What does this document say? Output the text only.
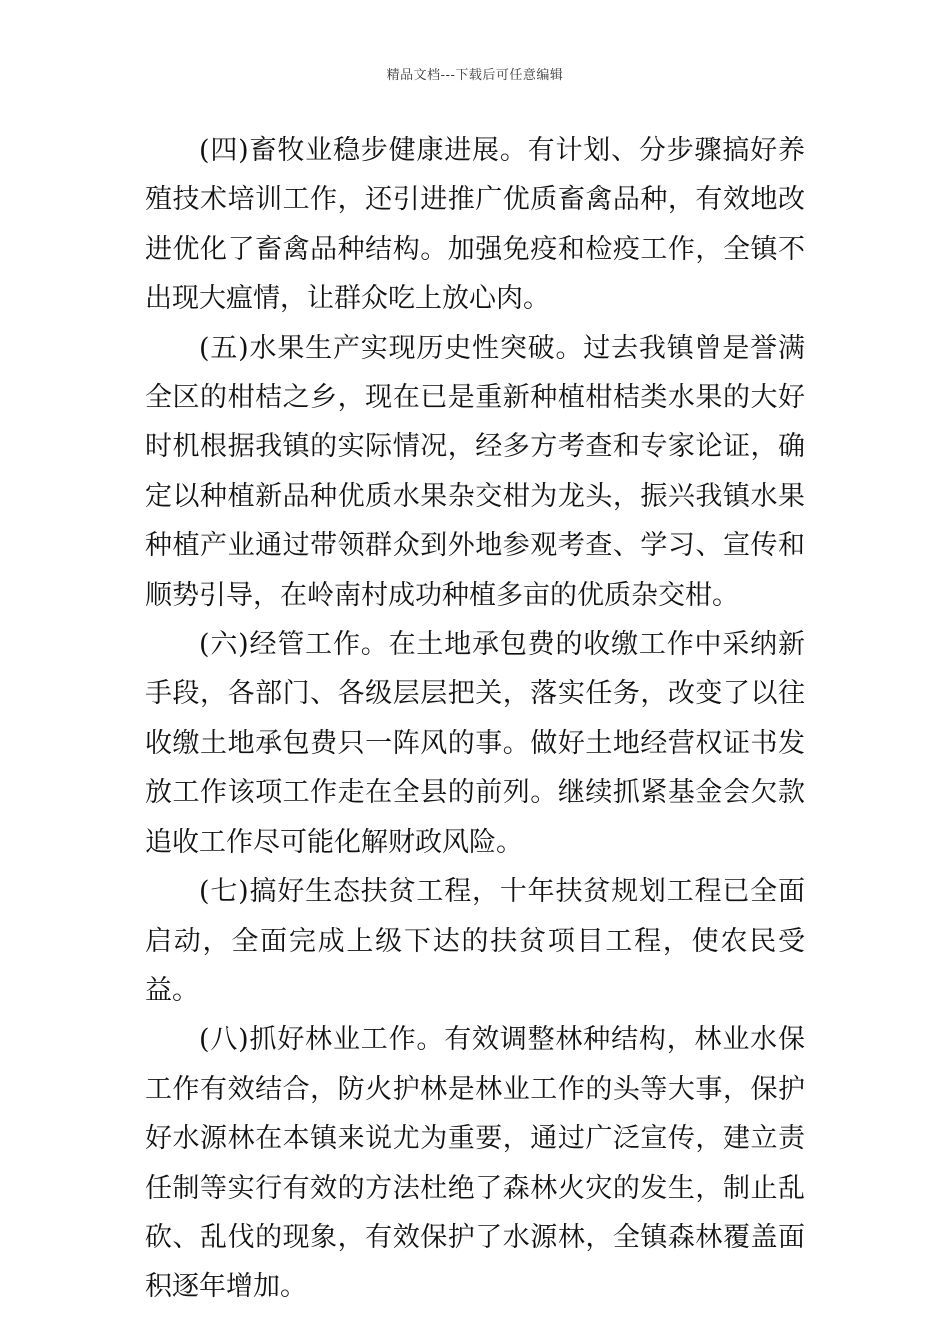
精品文档---下载后可任意编辑

(四)畜牧业稳步健康进展。有计划、分步骤搞好养殖技术培训工作，还引进推广优质畜禽品种，有效地改进优化了畜禽品种结构。加强免疫和检疫工作，全镇不出现大瘟情，让群众吃上放心肉。

(五)水果生产实现历史性突破。过去我镇曾是誉满全区的柑桔之乡，现在已是重新种植柑桔类水果的大好时机根据我镇的实际情况，经多方考查和专家论证，确定以种植新品种优质水果杂交柑为龙头，振兴我镇水果种植产业通过带领群众到外地参观考查、学习、宣传和顺势引导，在岭南村成功种植多亩的优质杂交柑。

(六)经管工作。在土地承包费的收缴工作中采纳新手段，各部门、各级层层把关，落实任务，改变了以往收缴土地承包费只一阵风的事。做好土地经营权证书发放工作该项工作走在全县的前列。继续抓紧基金会欠款追收工作尽可能化解财政风险。

(七)搞好生态扶贫工程，十年扶贫规划工程已全面启动，全面完成上级下达的扶贫项目工程，使农民受益。

(八)抓好林业工作。有效调整林种结构，林业水保工作有效结合，防火护林是林业工作的头等大事，保护好水源林在本镇来说尤为重要，通过广泛宣传，建立责任制等实行有效的方法杜绝了森林火灾的发生，制止乱砍、乱伐的现象，有效保护了水源林，全镇森林覆盖面积逐年增加。
